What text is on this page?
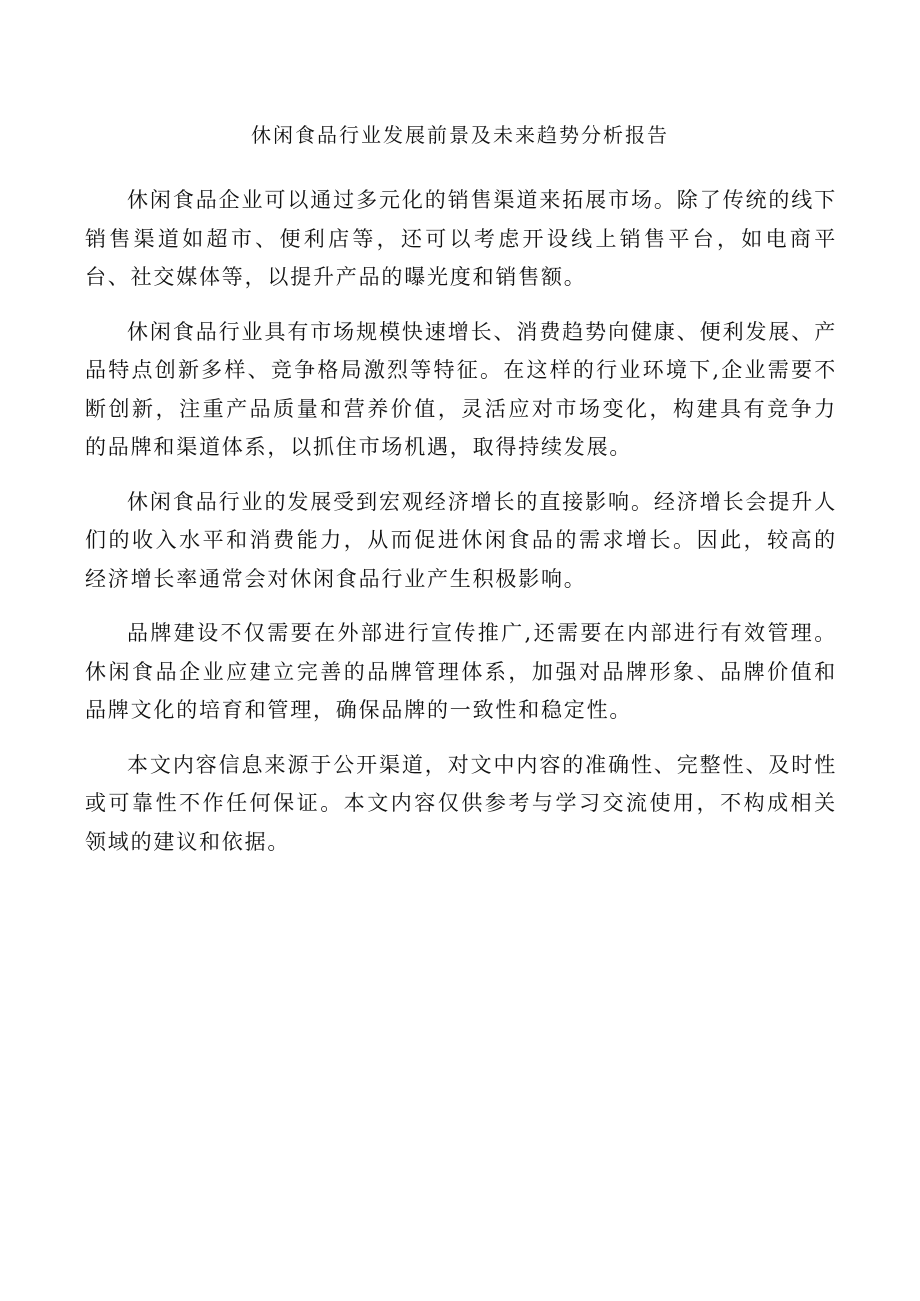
休闲食品行业发展前景及未来趋势分析报告

休闲食品企业可以通过多元化的销售渠道来拓展市场。除了传统的线下销售渠道如超市、便利店等，还可以考虑开设线上销售平台，如电商平台、社交媒体等，以提升产品的曝光度和销售额。

休闲食品行业具有市场规模快速增长、消费趋势向健康、便利发展、产品特点创新多样、竞争格局激烈等特征。在这样的行业环境下,企业需要不断创新，注重产品质量和营养价值，灵活应对市场变化，构建具有竞争力的品牌和渠道体系，以抓住市场机遇，取得持续发展。

休闲食品行业的发展受到宏观经济增长的直接影响。经济增长会提升人们的收入水平和消费能力，从而促进休闲食品的需求增长。因此，较高的经济增长率通常会对休闲食品行业产生积极影响。

品牌建设不仅需要在外部进行宣传推广,还需要在内部进行有效管理。休闲食品企业应建立完善的品牌管理体系，加强对品牌形象、品牌价值和品牌文化的培育和管理，确保品牌的一致性和稳定性。

本文内容信息来源于公开渠道，对文中内容的准确性、完整性、及时性或可靠性不作任何保证。本文内容仅供参考与学习交流使用，不构成相关领域的建议和依据。
